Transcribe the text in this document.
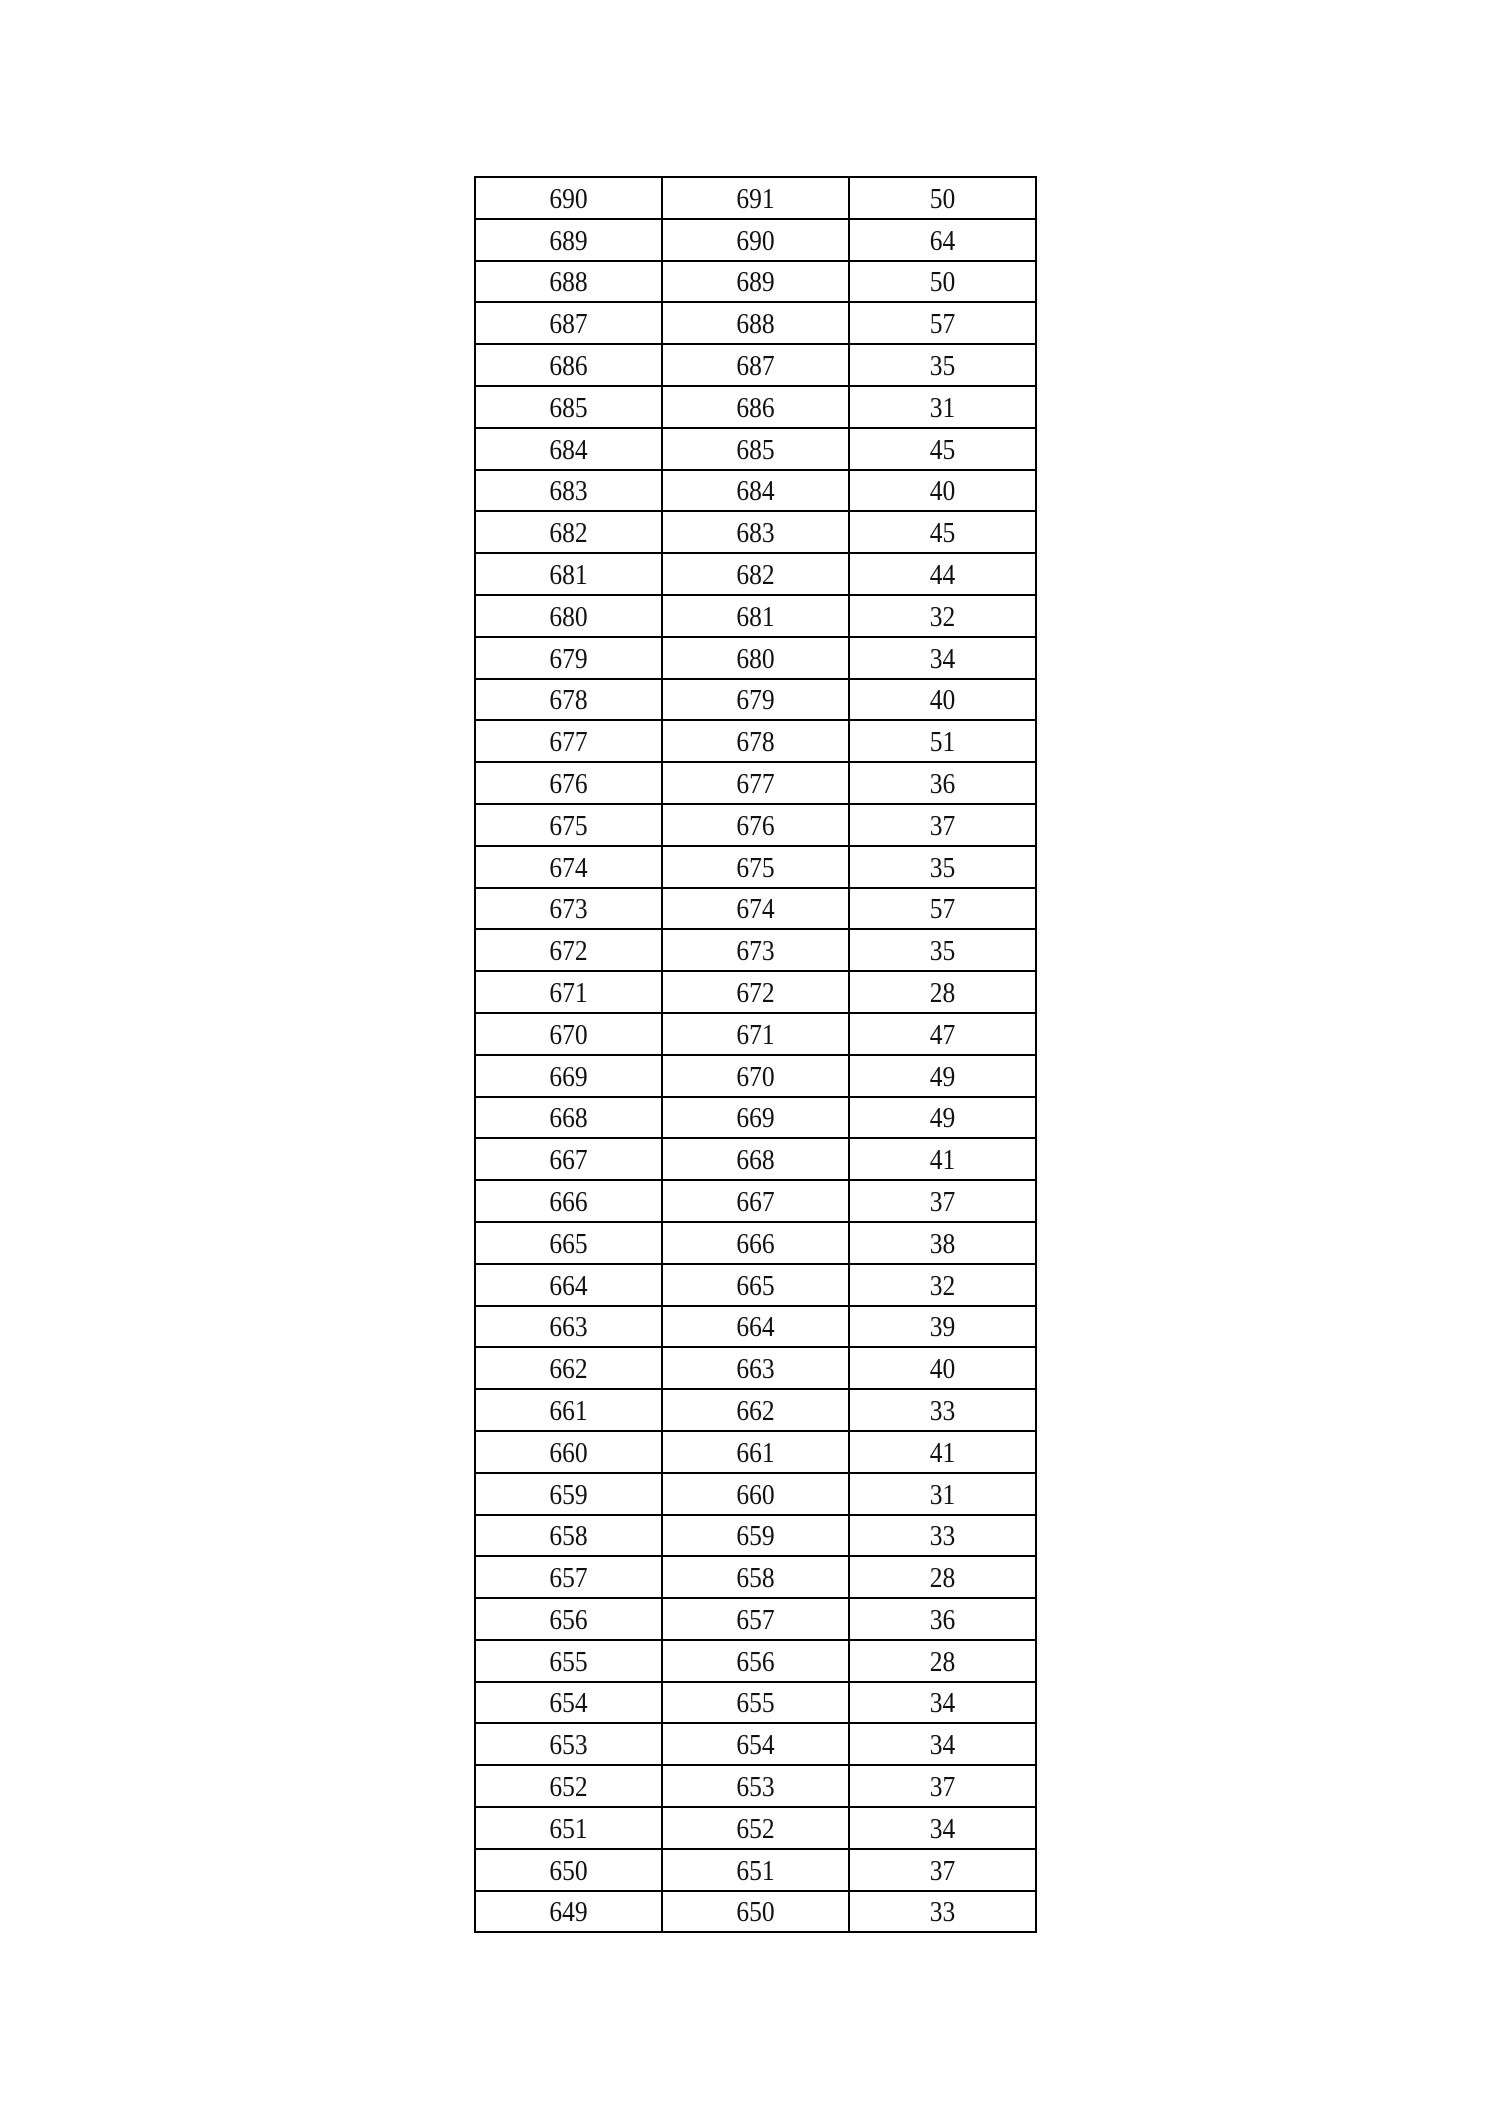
690	691	50
689	690	64
688	689	50
687	688	57
686	687	35
685	686	31
684	685	45
683	684	40
682	683	45
681	682	44
680	681	32
679	680	34
678	679	40
677	678	51
676	677	36
675	676	37
674	675	35
673	674	57
672	673	35
671	672	28
670	671	47
669	670	49
668	669	49
667	668	41
666	667	37
665	666	38
664	665	32
663	664	39
662	663	40
661	662	33
660	661	41
659	660	31
658	659	33
657	658	28
656	657	36
655	656	28
654	655	34
653	654	34
652	653	37
651	652	34
650	651	37
649	650	33
